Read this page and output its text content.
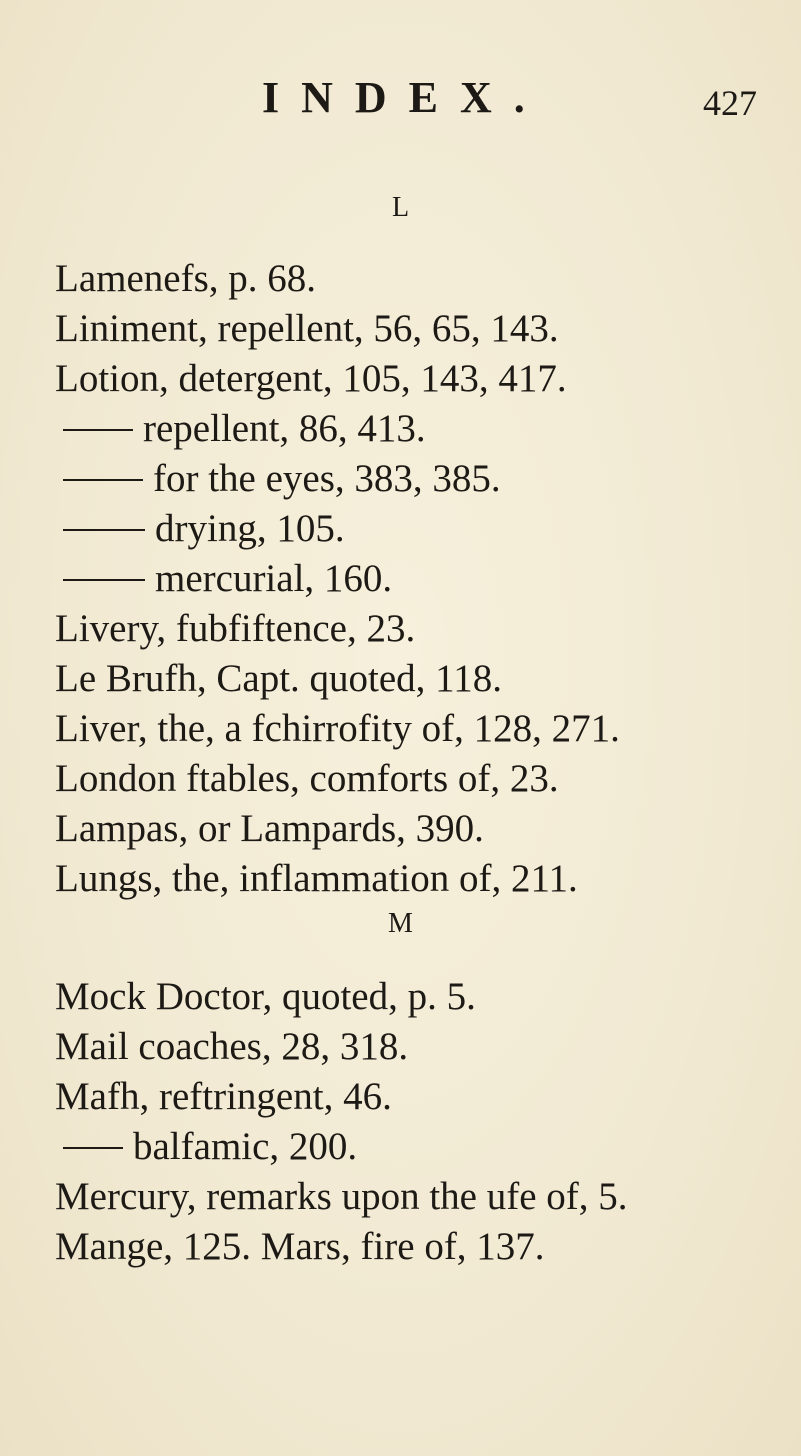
INDEX.	427
L
Lamenefs, p. 68.
Liniment, repellent, 56, 65, 143.
Lotion, detergent, 105, 143, 417.
repellent, 86, 413.
for the eyes, 383, 385.
drying, 105.
mercurial, 160.
Livery, fubfiftence, 23.
Le Brufh, Capt. quoted, 118.
Liver, the, a fchirrofity of, 128, 271.
London ftables, comforts of, 23.
Lampas, or Lampards, 390.
Lungs, the, inflammation of, 211.
M
Mock Doctor, quoted, p. 5.
Mail coaches, 28, 318.
Mafh, reftringent, 46.
balfamic, 200.
Mercury, remarks upon the ufe of, 5.
Mange, 125. Mars, fire of, 137.
